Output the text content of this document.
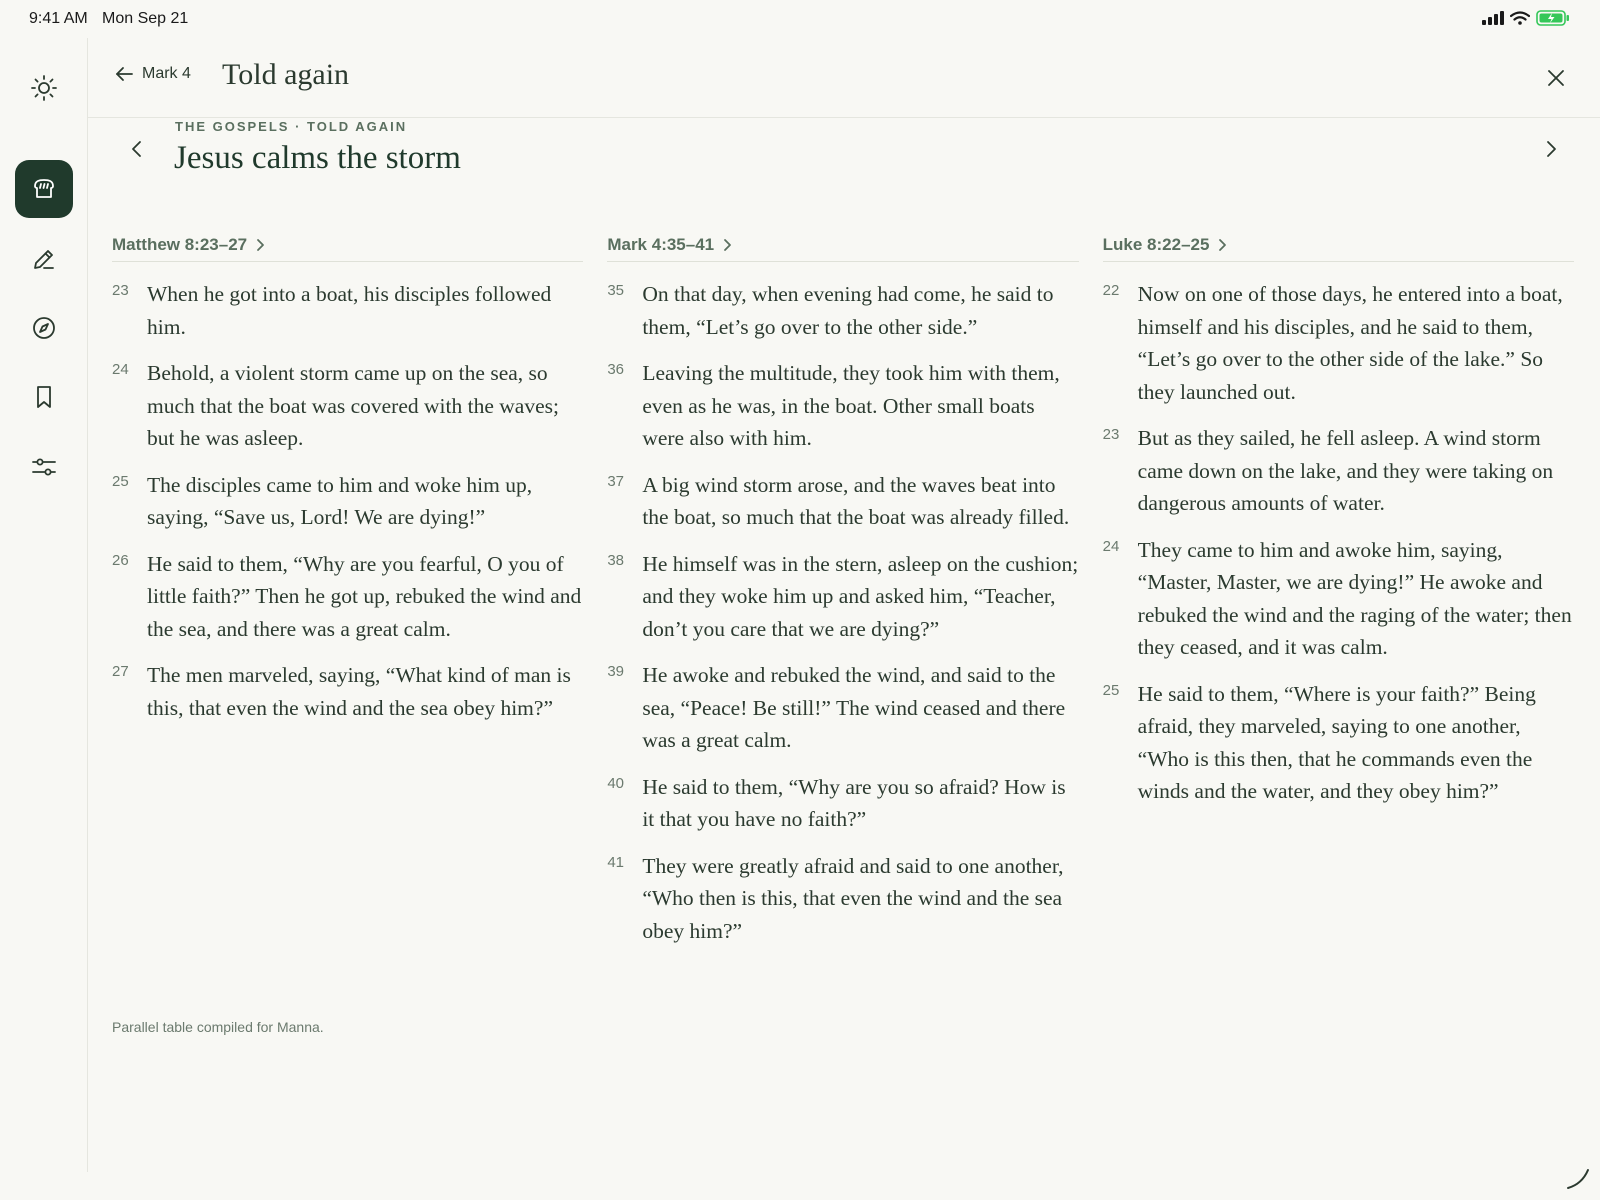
9:41 AM Mon Sep 21
Mark 4 Told again
THE GOSPELS · TOLD AGAIN
Jesus calms the storm
Matthew 8:23–27
23 When he got into a boat, his disciples followed him.
24 Behold, a violent storm came up on the sea, so much that the boat was covered with the waves; but he was asleep.
25 The disciples came to him and woke him up, saying, “Save us, Lord! We are dying!”
26 He said to them, “Why are you fearful, O you of little faith?” Then he got up, rebuked the wind and the sea, and there was a great calm.
27 The men marveled, saying, “What kind of man is this, that even the wind and the sea obey him?”
Mark 4:35–41
35 On that day, when evening had come, he said to them, “Let’s go over to the other side.”
36 Leaving the multitude, they took him with them, even as he was, in the boat. Other small boats were also with him.
37 A big wind storm arose, and the waves beat into the boat, so much that the boat was already filled.
38 He himself was in the stern, asleep on the cushion; and they woke him up and asked him, “Teacher, don’t you care that we are dying?”
39 He awoke and rebuked the wind, and said to the sea, “Peace! Be still!” The wind ceased and there was a great calm.
40 He said to them, “Why are you so afraid? How is it that you have no faith?”
41 They were greatly afraid and said to one another, “Who then is this, that even the wind and the sea obey him?”
Luke 8:22–25
22 Now on one of those days, he entered into a boat, himself and his disciples, and he said to them, “Let’s go over to the other side of the lake.” So they launched out.
23 But as they sailed, he fell asleep. A wind storm came down on the lake, and they were taking on dangerous amounts of water.
24 They came to him and awoke him, saying, “Master, Master, we are dying!” He awoke and rebuked the wind and the raging of the water; then they ceased, and it was calm.
25 He said to them, “Where is your faith?” Being afraid, they marveled, saying to one another, “Who is this then, that he commands even the winds and the water, and they obey him?”
Parallel table compiled for Manna.
